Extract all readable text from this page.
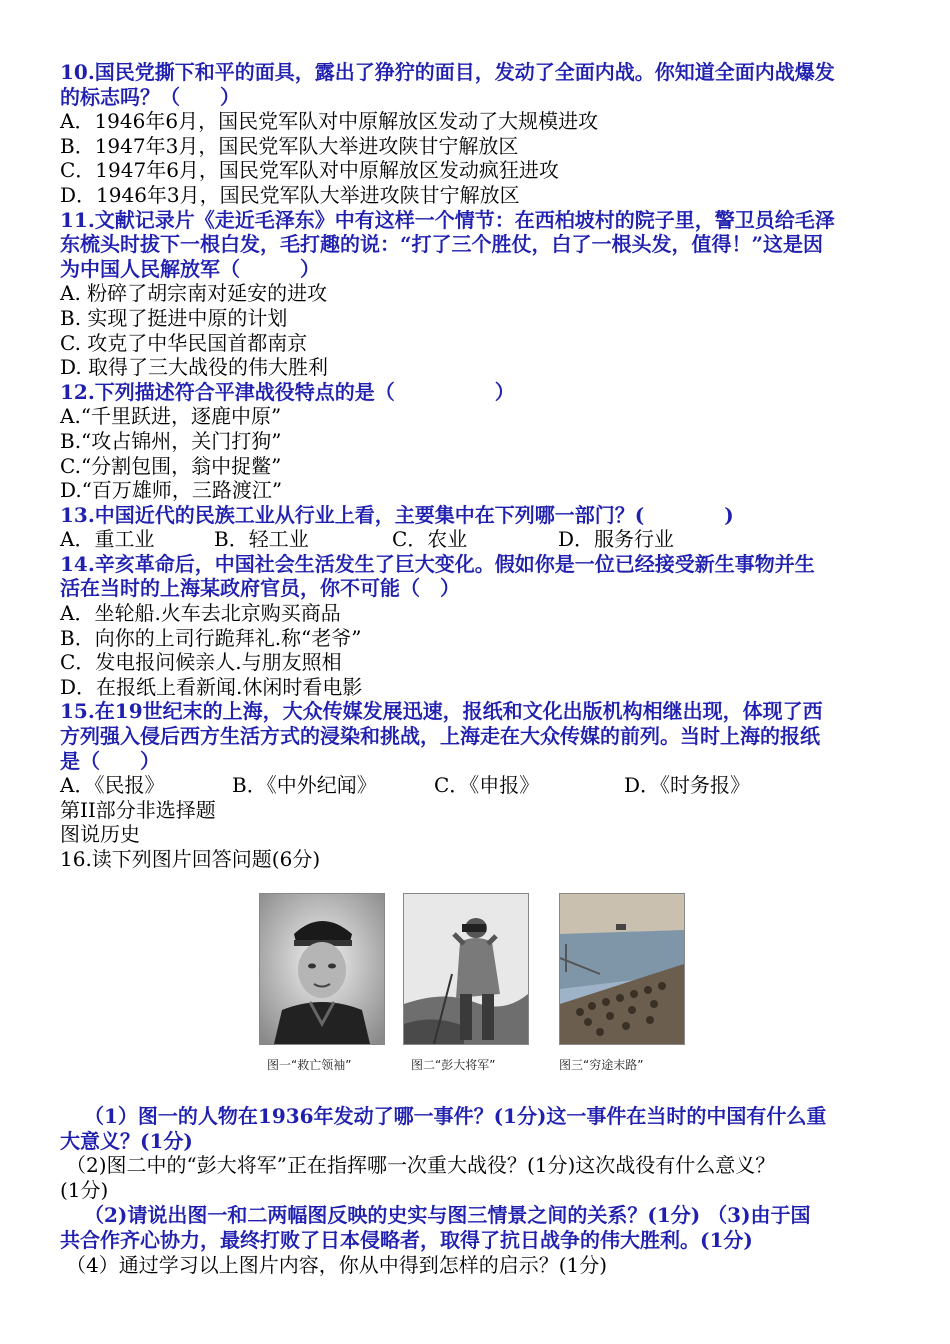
10.国民党撕下和平的面具，露出了狰狞的面目，发动了全面内战。你知道全面内战爆发
的标志吗？（　　）
A．1946年6月，国民党军队对中原解放区发动了大规模进攻
B．1947年3月，国民党军队大举进攻陕甘宁解放区
C．1947年6月，国民党军队对中原解放区发动疯狂进攻
D．1946年3月，国民党军队大举进攻陕甘宁解放区
11.文献记录片《走近毛泽东》中有这样一个情节：在西柏坡村的院子里，警卫员给毛泽
东梳头时拔下一根白发，毛打趣的说：“打了三个胜仗，白了一根头发，值得！”这是因
为中国人民解放军（　　　）
A. 粉碎了胡宗南对延安的进攻
B. 实现了挺进中原的计划
C. 攻克了中华民国首都南京
D. 取得了三大战役的伟大胜利
12.下列描述符合平津战役特点的是（　　　　　）
A.“千里跃进，逐鹿中原”
B.“攻占锦州，关门打狗”
C.“分割包围，翁中捉鳖”
D.“百万雄师，三路渡江”
13.中国近代的民族工业从行业上看，主要集中在下列哪一部门？(　　　　)
A．重工业	B．轻工业	C．农业	D．服务行业
14.辛亥革命后，中国社会生活发生了巨大变化。假如你是一位已经接受新生事物并生
活在当时的上海某政府官员，你不可能（　）
A．坐轮船.火车去北京购买商品
B．向你的上司行跪拜礼.称“老爷”
C．发电报问候亲人.与朋友照相
D．在报纸上看新闻.休闲时看电影
15.在19世纪末的上海，大众传媒发展迅速，报纸和文化出版机构相继出现，体现了西
方列强入侵后西方生活方式的浸染和挑战，上海走在大众传媒的前列。当时上海的报纸
是（　　）
A．《民报》	B．《中外纪闻》	C．《申报》	D．《时务报》
第II部分非选择题
图说历史
16.读下列图片回答问题(6分)
图一“救亡领袖”	图二“彭大将军”	图三“穷途末路”
（1）图一的人物在1936年发动了哪一事件？(1分)这一事件在当时的中国有什么重
大意义？(1分)
（2)图二中的“彭大将军”正在指挥哪一次重大战役？(1分)这次战役有什么意义？
(1分)
（2)请说出图一和二两幅图反映的史实与图三情景之间的关系？(1分) （3)由于国
共合作齐心协力，最终打败了日本侵略者，取得了抗日战争的伟大胜利。(1分)
（4）通过学习以上图片内容，你从中得到怎样的启示？(1分)
